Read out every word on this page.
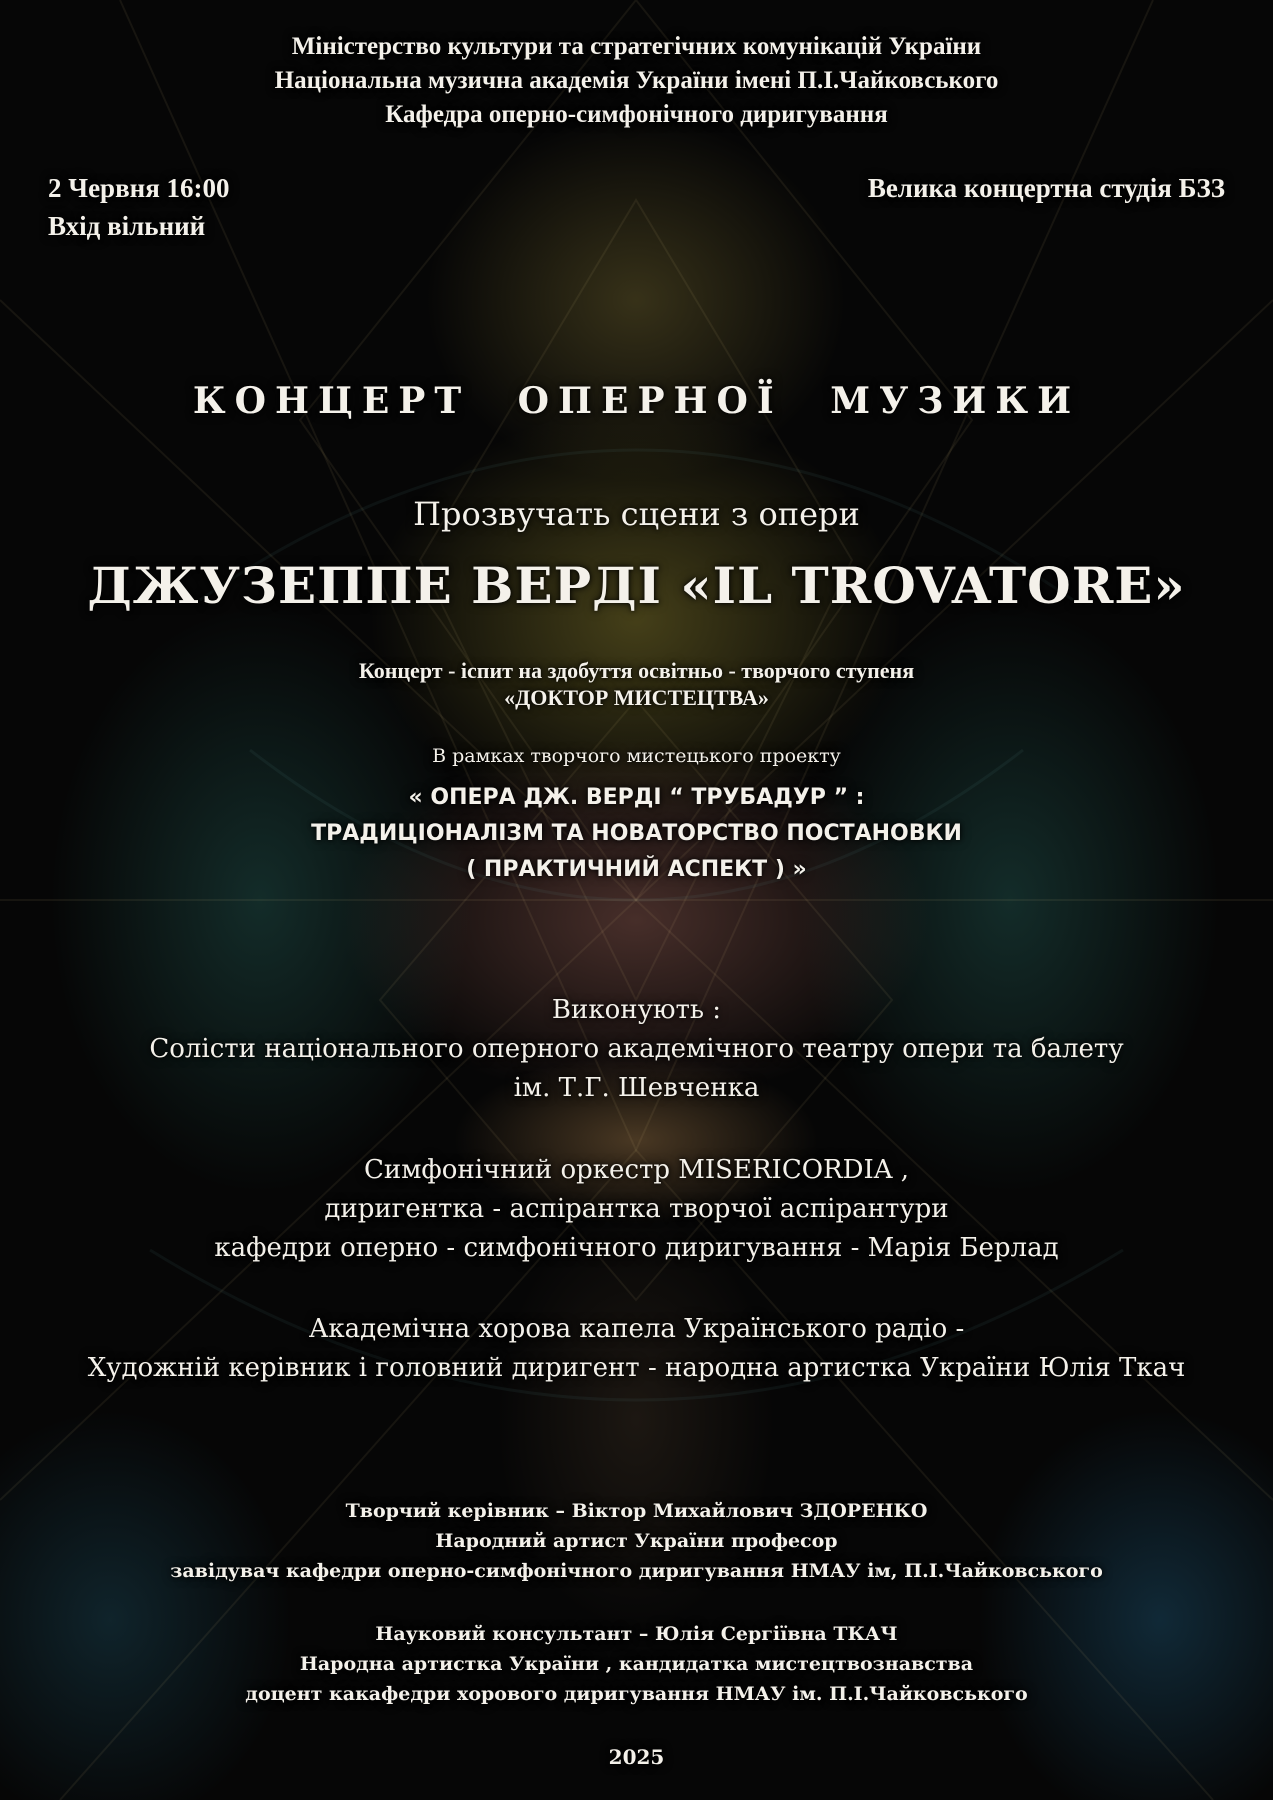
Міністерство культури та стратегічних комунікацій України

Національна музична академія України імені П.І.Чайковського

Кафедра оперно-симфонічного диригування

2 Червня 16:00

Вхід вільний

Велика концертна студія БЗЗ

КОНЦЕРТ ОПЕРНОЇ МУЗИКИ

Прозвучать сцени з опери

ДЖУЗЕППЕ ВЕРДІ «IL TROVATORE»

Концерт - іспит на здобуття освітньо - творчого ступеня
«ДОКТОР МИСТЕЦТВА»

В рамках творчого мистецького проекту

« ОПЕРА ДЖ. ВЕРДІ “ ТРУБАДУР ” :
ТРАДИЦІОНАЛІЗМ ТА НОВАТОРСТВО ПОСТАНОВКИ
( ПРАКТИЧНИЙ АСПЕКТ ) »
Виконують :
Солісти національного оперного академічного театру опери та балету
ім. Т.Г. Шевченка
Симфонічний оркестр MISERICORDIA ,
диригентка - аспірантка творчої аспірантури
кафедри оперно - симфонічного диригування - Марія Берлад
Академічна хорова капела Українського радіо -
Художній керівник і головний диригент - народна артистка України Юлія Ткач
Творчий керівник – Віктор Михайлович ЗДОРЕНКО
Народний артист України професор
завідувач кафедри оперно-симфонічного диригування НМАУ ім, П.І.Чайковського
Науковий консультант – Юлія Сергіївна ТКАЧ
Народна артистка України , кандидатка мистецтвознавства
доцент какафедри хорового диригування НМАУ ім. П.І.Чайковського

2025
